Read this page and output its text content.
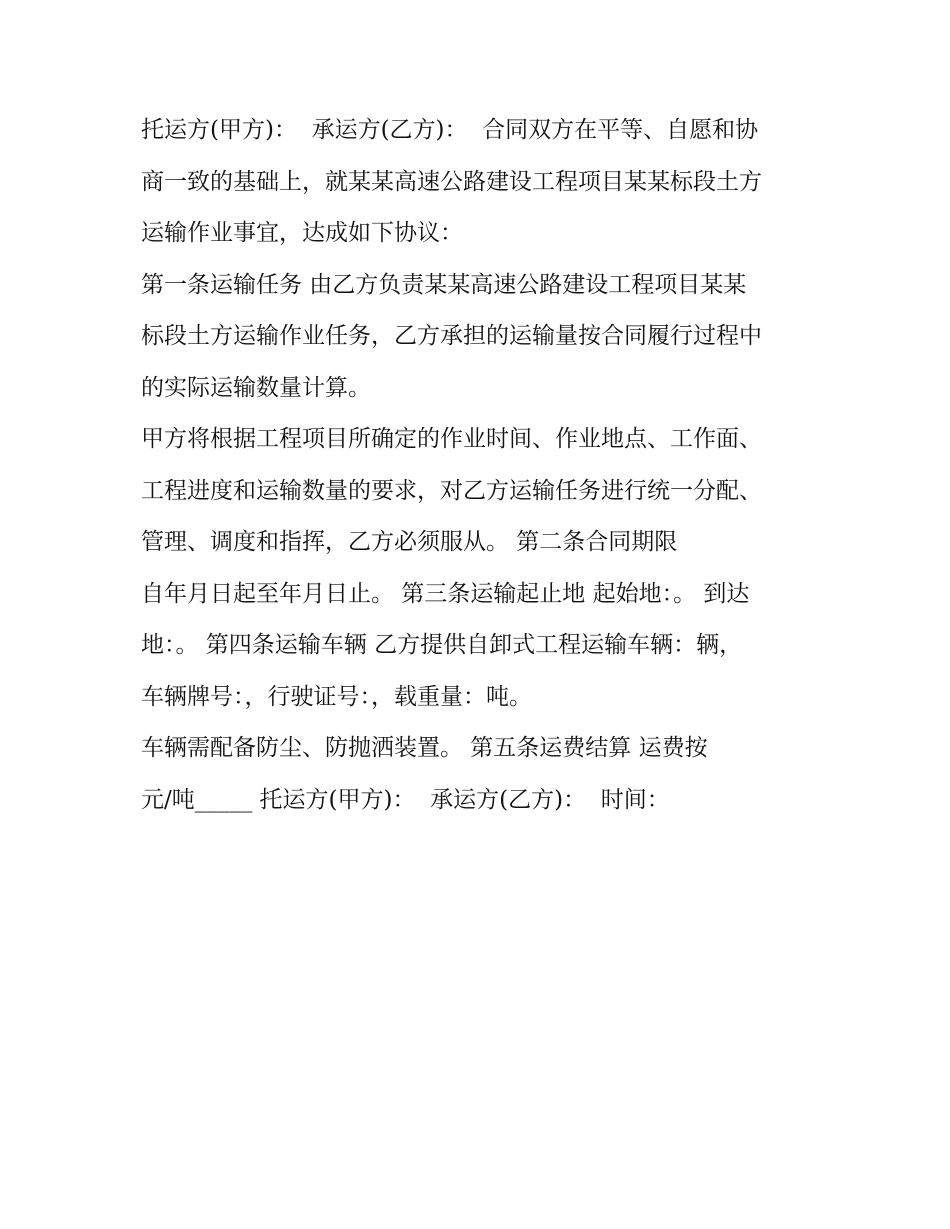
托运方(甲方)：  承运方(乙方)：  合同双方在平等、自愿和协
商一致的基础上，就某某高速公路建设工程项目某某标段土方
运输作业事宜，达成如下协议：
第一条运输任务 由乙方负责某某高速公路建设工程项目某某
标段土方运输作业任务，乙方承担的运输量按合同履行过程中
的实际运输数量计算。
甲方将根据工程项目所确定的作业时间、作业地点、工作面、
工程进度和运输数量的要求，对乙方运输任务进行统一分配、
管理、调度和指挥，乙方必须服从。 第二条合同期限
自年月日起至年月日止。 第三条运输起止地 起始地：。 到达
地：。 第四条运输车辆 乙方提供自卸式工程运输车辆：辆，
车辆牌号：，行驶证号：，载重量：吨。
车辆需配备防尘、防抛洒装置。 第五条运费结算 运费按
元/吨_____ 托运方(甲方)：  承运方(乙方)：  时间：
